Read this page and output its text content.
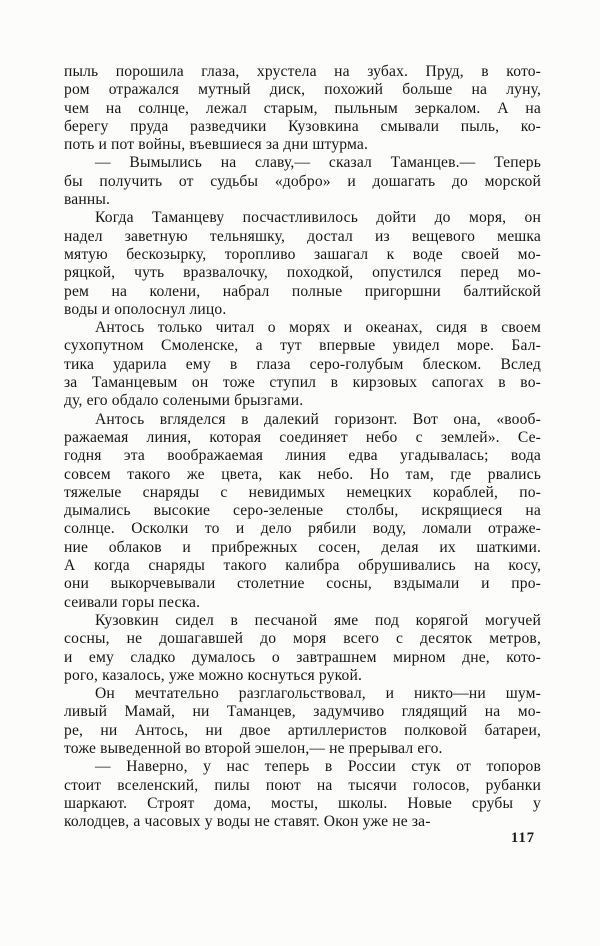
пыль порошила глаза, хрустела на зубах. Пруд, в кото-
ром отражался мутный диск, похожий больше на луну,
чем на солнце, лежал старым, пыльным зеркалом. А на
берегу пруда разведчики Кузовкина смывали пыль, ко-
поть и пот войны, въевшиеся за дни штурма.
— Вымылись на славу,— сказал Таманцев.— Теперь
бы получить от судьбы «добро» и дошагать до морской
ванны.
Когда Таманцеву посчастливилось дойти до моря, он
надел заветную тельняшку, достал из вещевого мешка
мятую бескозырку, торопливо зашагал к воде своей мо-
ряцкой, чуть вразвалочку, походкой, опустился перед мо-
рем на колени, набрал полные пригоршни балтийской
воды и ополоснул лицо.
Антось только читал о морях и океанах, сидя в своем
сухопутном Смоленске, а тут впервые увидел море. Бал-
тика ударила ему в глаза серо-голубым блеском. Вслед
за Таманцевым он тоже ступил в кирзовых сапогах в во-
ду, его обдало солеными брызгами.
Антось вгляделся в далекий горизонт. Вот она, «вооб-
ражаемая линия, которая соединяет небо с землей». Се-
годня эта воображаемая линия едва угадывалась; вода
совсем такого же цвета, как небо. Но там, где рвались
тяжелые снаряды с невидимых немецких кораблей, по-
дымались высокие серо-зеленые столбы, искрящиеся на
солнце. Осколки то и дело рябили воду, ломали отраже-
ние облаков и прибрежных сосен, делая их шаткими.
А когда снаряды такого калибра обрушивались на косу,
они выкорчевывали столетние сосны, вздымали и про-
сеивали горы песка.
Кузовкин сидел в песчаной яме под корягой могучей
сосны, не дошагавшей до моря всего с десяток метров,
и ему сладко думалось о завтрашнем мирном дне, кото-
рого, казалось, уже можно коснуться рукой.
Он мечтательно разглагольствовал, и никто—ни шум-
ливый Мамай, ни Таманцев, задумчиво глядящий на мо-
ре, ни Антось, ни двое артиллеристов полковой батареи,
тоже выведенной во второй эшелон,— не прерывал его.
— Наверно, у нас теперь в России стук от топоров
стоит вселенский, пилы поют на тысячи голосов, рубанки
шаркают. Строят дома, мосты, школы. Новые срубы у
колодцев, а часовых у воды не ставят. Окон уже не за-
117
